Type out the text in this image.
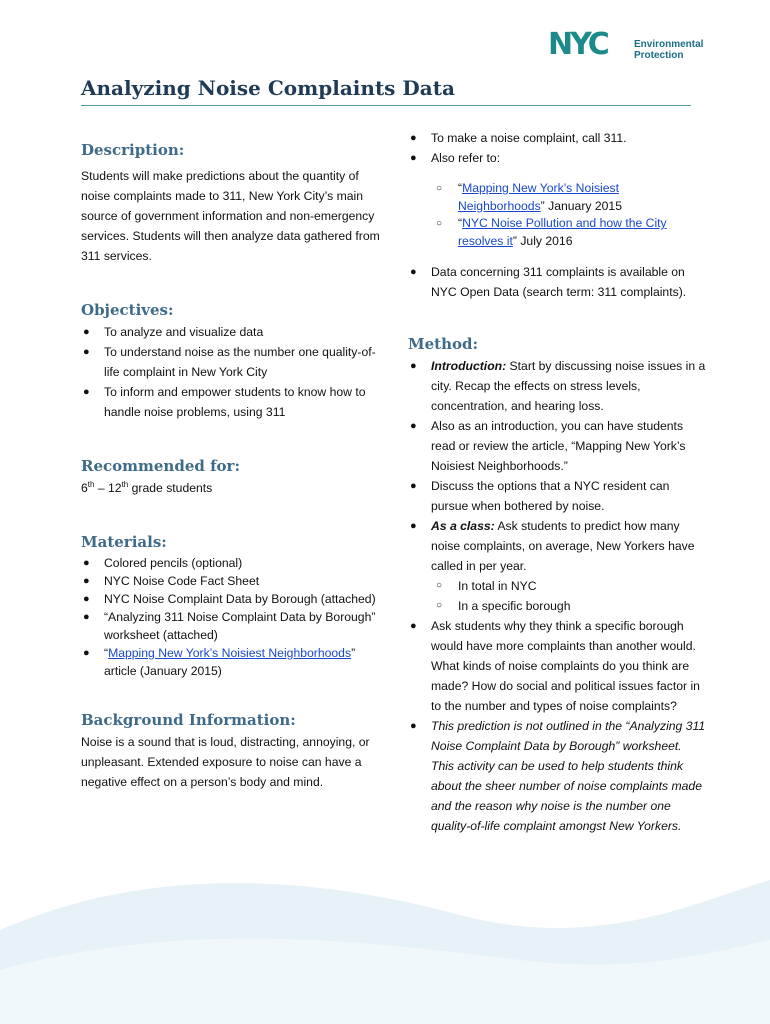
NYC	Environmental
Protection
Analyzing Noise Complaints Data
Description:

Students will make predictions about the quantity of noise complaints made to 311, New York City’s main source of government information and non-emergency services. Students will then analyze data gathered from 311 services.

Objectives:
● To analyze and visualize data
● To understand noise as the number one quality-of-life complaint in New York City
● To inform and empower students to know how to handle noise problems, using 311
Recommended for:

6th – 12th grade students

Materials:
● Colored pencils (optional)
● NYC Noise Code Fact Sheet
● NYC Noise Complaint Data by Borough (attached)
● “Analyzing 311 Noise Complaint Data by Borough” worksheet (attached)
● “Mapping New York’s Noisiest Neighborhoods” article (January 2015)
Background Information:

Noise is a sound that is loud, distracting, annoying, or unpleasant. Extended exposure to noise can have a negative effect on a person’s body and mind.

● To make a noise complaint, call 311.
● Also refer to:
○ “Mapping New York’s Noisiest Neighborhoods” January 2015
○ “NYC Noise Pollution and how the City resolves it” July 2016
● Data concerning 311 complaints is available on NYC Open Data (search term: 311 complaints).
Method:
● Introduction: Start by discussing noise issues in a city. Recap the effects on stress levels, concentration, and hearing loss.
● Also as an introduction, you can have students read or review the article, “Mapping New York’s Noisiest Neighborhoods.”
● Discuss the options that a NYC resident can pursue when bothered by noise.
● As a class: Ask students to predict how many noise complaints, on average, New Yorkers have called in per year.
○ In total in NYC
○ In a specific borough
● Ask students why they think a specific borough would have more complaints than another would. What kinds of noise complaints do you think are made? How do social and political issues factor in to the number and types of noise complaints?
● This prediction is not outlined in the “Analyzing 311 Noise Complaint Data by Borough” worksheet. This activity can be used to help students think about the sheer number of noise complaints made and the reason why noise is the number one quality-of-life complaint amongst New Yorkers.
